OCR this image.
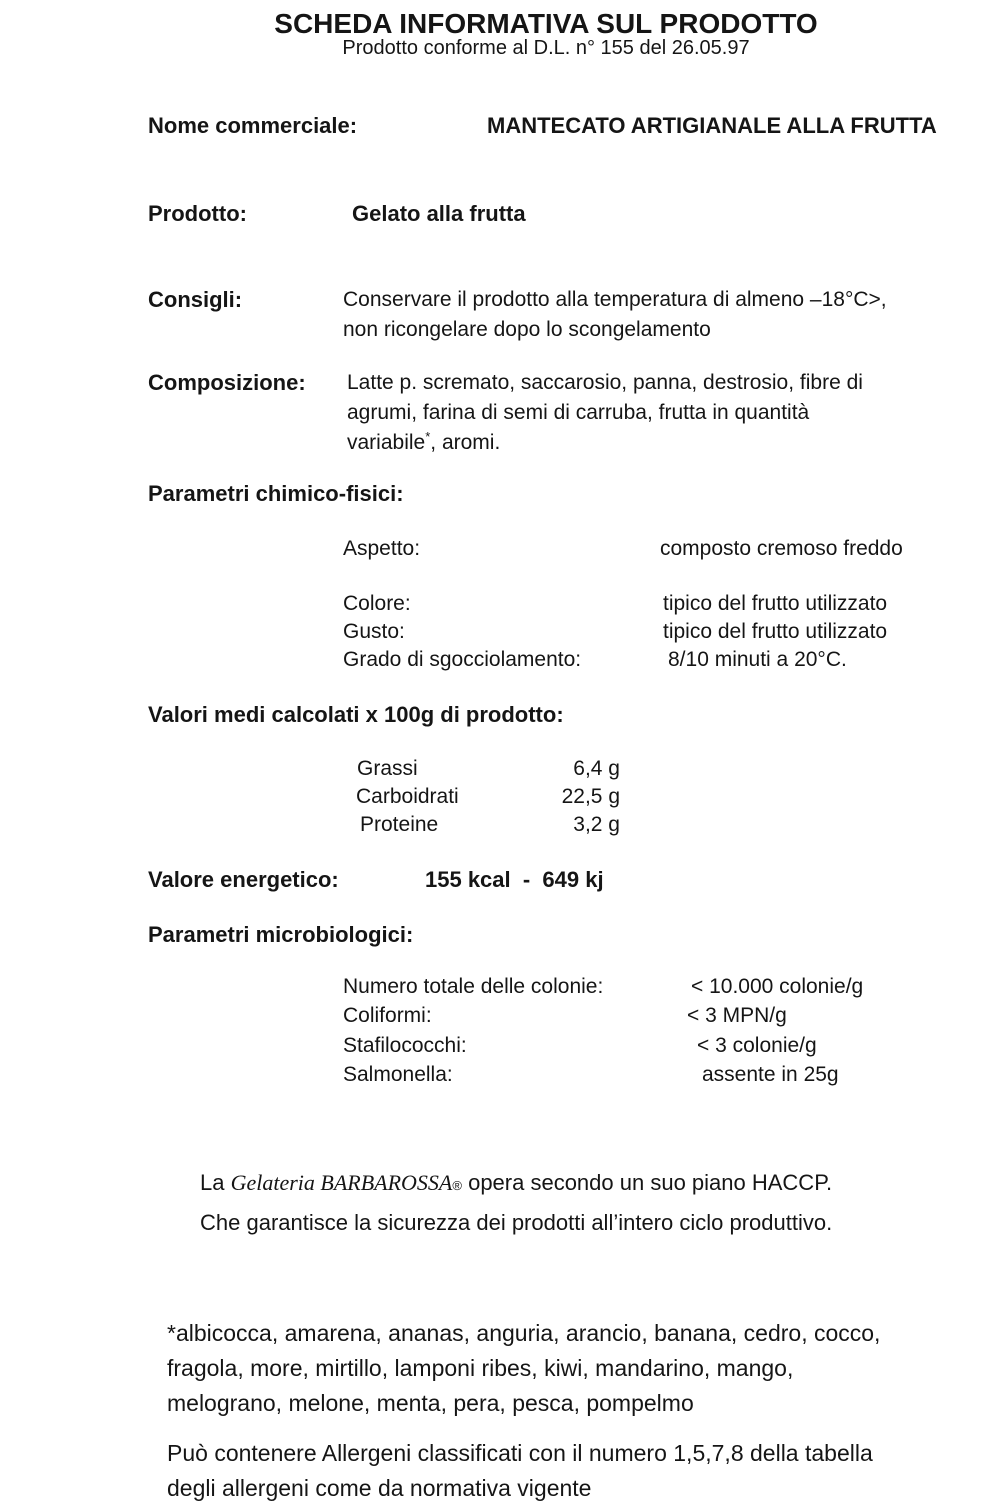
SCHEDA INFORMATIVA SUL PRODOTTO
Prodotto conforme al D.L. n° 155 del 26.05.97
Nome commerciale:	MANTECATO ARTIGIANALE ALLA FRUTTA
Prodotto:	Gelato alla frutta
Consigli:	Conservare il prodotto alla temperatura di almeno –18°C>,
non ricongelare dopo lo scongelamento
Composizione: Latte p. scremato, saccarosio, panna, destrosio, fibre di
agrumi, farina di semi di carruba, frutta in quantità
variabile*, aromi.
Parametri chimico-fisici:
Aspetto:	composto cremoso freddo
Colore:	tipico del frutto utilizzato
Gusto:	tipico del frutto utilizzato
Grado di sgocciolamento:	8/10 minuti a 20°C.
Valori medi calcolati x 100g di prodotto:
Grassi	6,4 g
Carboidrati	22,5 g
Proteine	3,2 g
Valore energetico:	155 kcal  -  649 kj
Parametri microbiologici:
Numero totale delle colonie:	< 10.000 colonie/g
Coliformi:	< 3 MPN/g
Stafilococchi:	< 3 colonie/g
Salmonella:	assente in 25g
La Gelateria BARBAROSSA® opera secondo un suo piano HACCP.
Che garantisce la sicurezza dei prodotti all’intero ciclo produttivo.
*albicocca, amarena, ananas, anguria, arancio, banana, cedro, cocco,
fragola, more, mirtillo, lamponi ribes, kiwi, mandarino, mango,
melograno, melone, menta, pera, pesca, pompelmo
Può contenere Allergeni classificati con il numero 1,5,7,8 della tabella
degli allergeni come da normativa vigente
